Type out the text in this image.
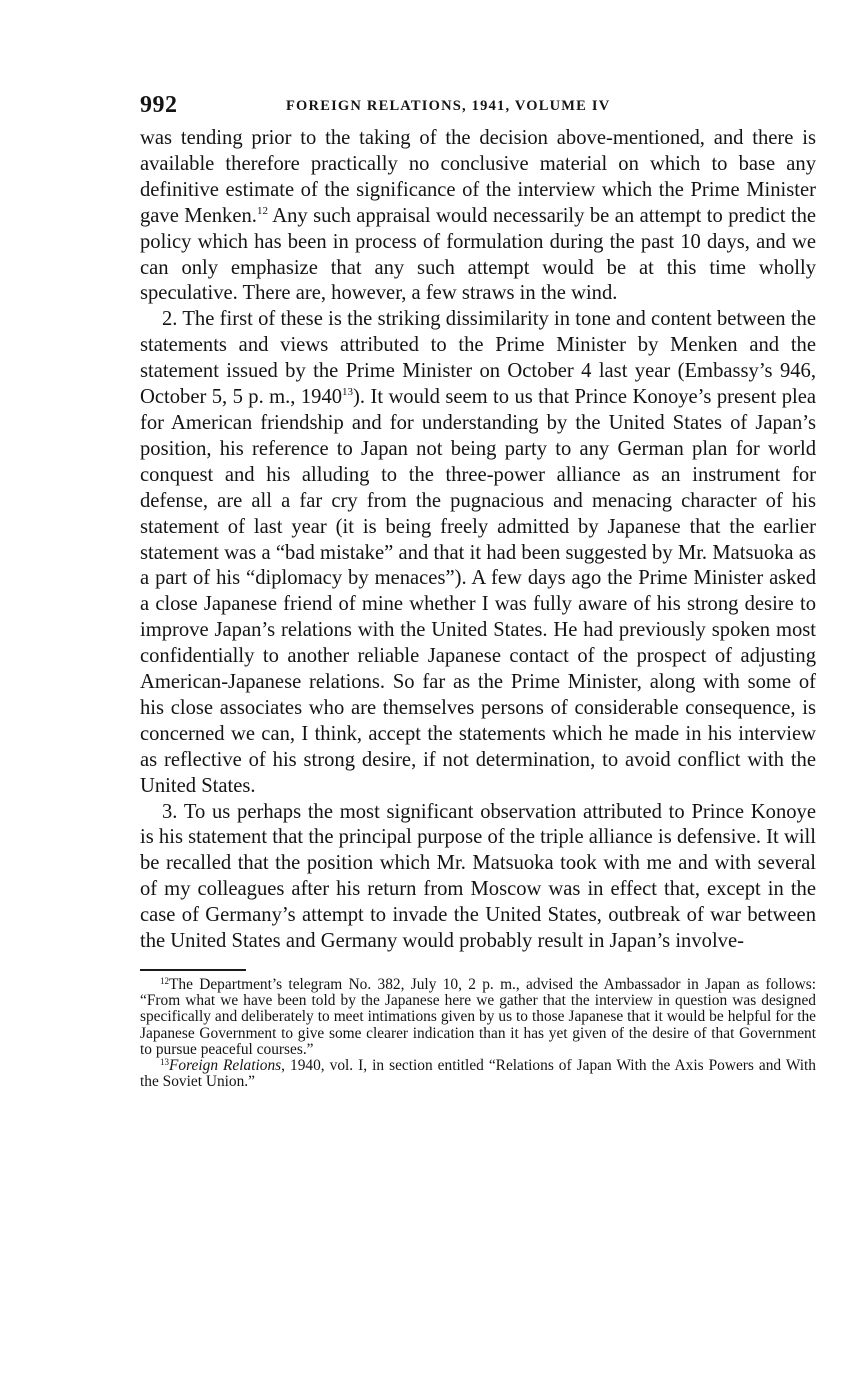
992	FOREIGN RELATIONS, 1941, VOLUME IV

was tending prior to the taking of the decision above-mentioned, and there is available therefore practically no conclusive material on which to base any definitive estimate of the significance of the interview which the Prime Minister gave Menken.$^{12}$ Any such appraisal would necessarily be an attempt to predict the policy which has been in process of formulation during the past 10 days, and we can only emphasize that any such attempt would be at this time wholly speculative. There are, however, a few straws in the wind.

2. The first of these is the striking dissimilarity in tone and content between the statements and views attributed to the Prime Minister by Menken and the statement issued by the Prime Minister on October 4 last year (Embassy’s 946, October 5, 5 p. m., 1940$^{13}$). It would seem to us that Prince Konoye’s present plea for American friendship and for understanding by the United States of Japan’s position, his reference to Japan not being party to any German plan for world conquest and his alluding to the three-power alliance as an instrument for defense, are all a far cry from the pugnacious and menacing character of his statement of last year (it is being freely admitted by Japanese that the earlier statement was a “bad mistake” and that it had been suggested by Mr. Matsuoka as a part of his “diplomacy by menaces”). A few days ago the Prime Minister asked a close Japanese friend of mine whether I was fully aware of his strong desire to improve Japan’s relations with the United States. He had previously spoken most confidentially to another reliable Japanese contact of the prospect of adjusting American-Japanese relations. So far as the Prime Minister, along with some of his close associates who are themselves persons of considerable consequence, is concerned we can, I think, accept the statements which he made in his interview as reflective of his strong desire, if not determination, to avoid conflict with the United States.

3. To us perhaps the most significant observation attributed to Prince Konoye is his statement that the principal purpose of the triple alliance is defensive. It will be recalled that the position which Mr. Matsuoka took with me and with several of my colleagues after his return from Moscow was in effect that, except in the case of Germany’s attempt to invade the United States, outbreak of war between the United States and Germany would probably result in Japan’s involve-

$^{12}$The Department’s telegram No. 382, July 10, 2 p. m., advised the Ambassador in Japan as follows: “From what we have been told by the Japanese here we gather that the interview in question was designed specifically and deliberately to meet intimations given by us to those Japanese that it would be helpful for the Japanese Government to give some clearer indication than it has yet given of the desire of that Government to pursue peaceful courses.”

$^{13}$Foreign Relations, 1940, vol. I, in section entitled “Relations of Japan With the Axis Powers and With the Soviet Union.”
